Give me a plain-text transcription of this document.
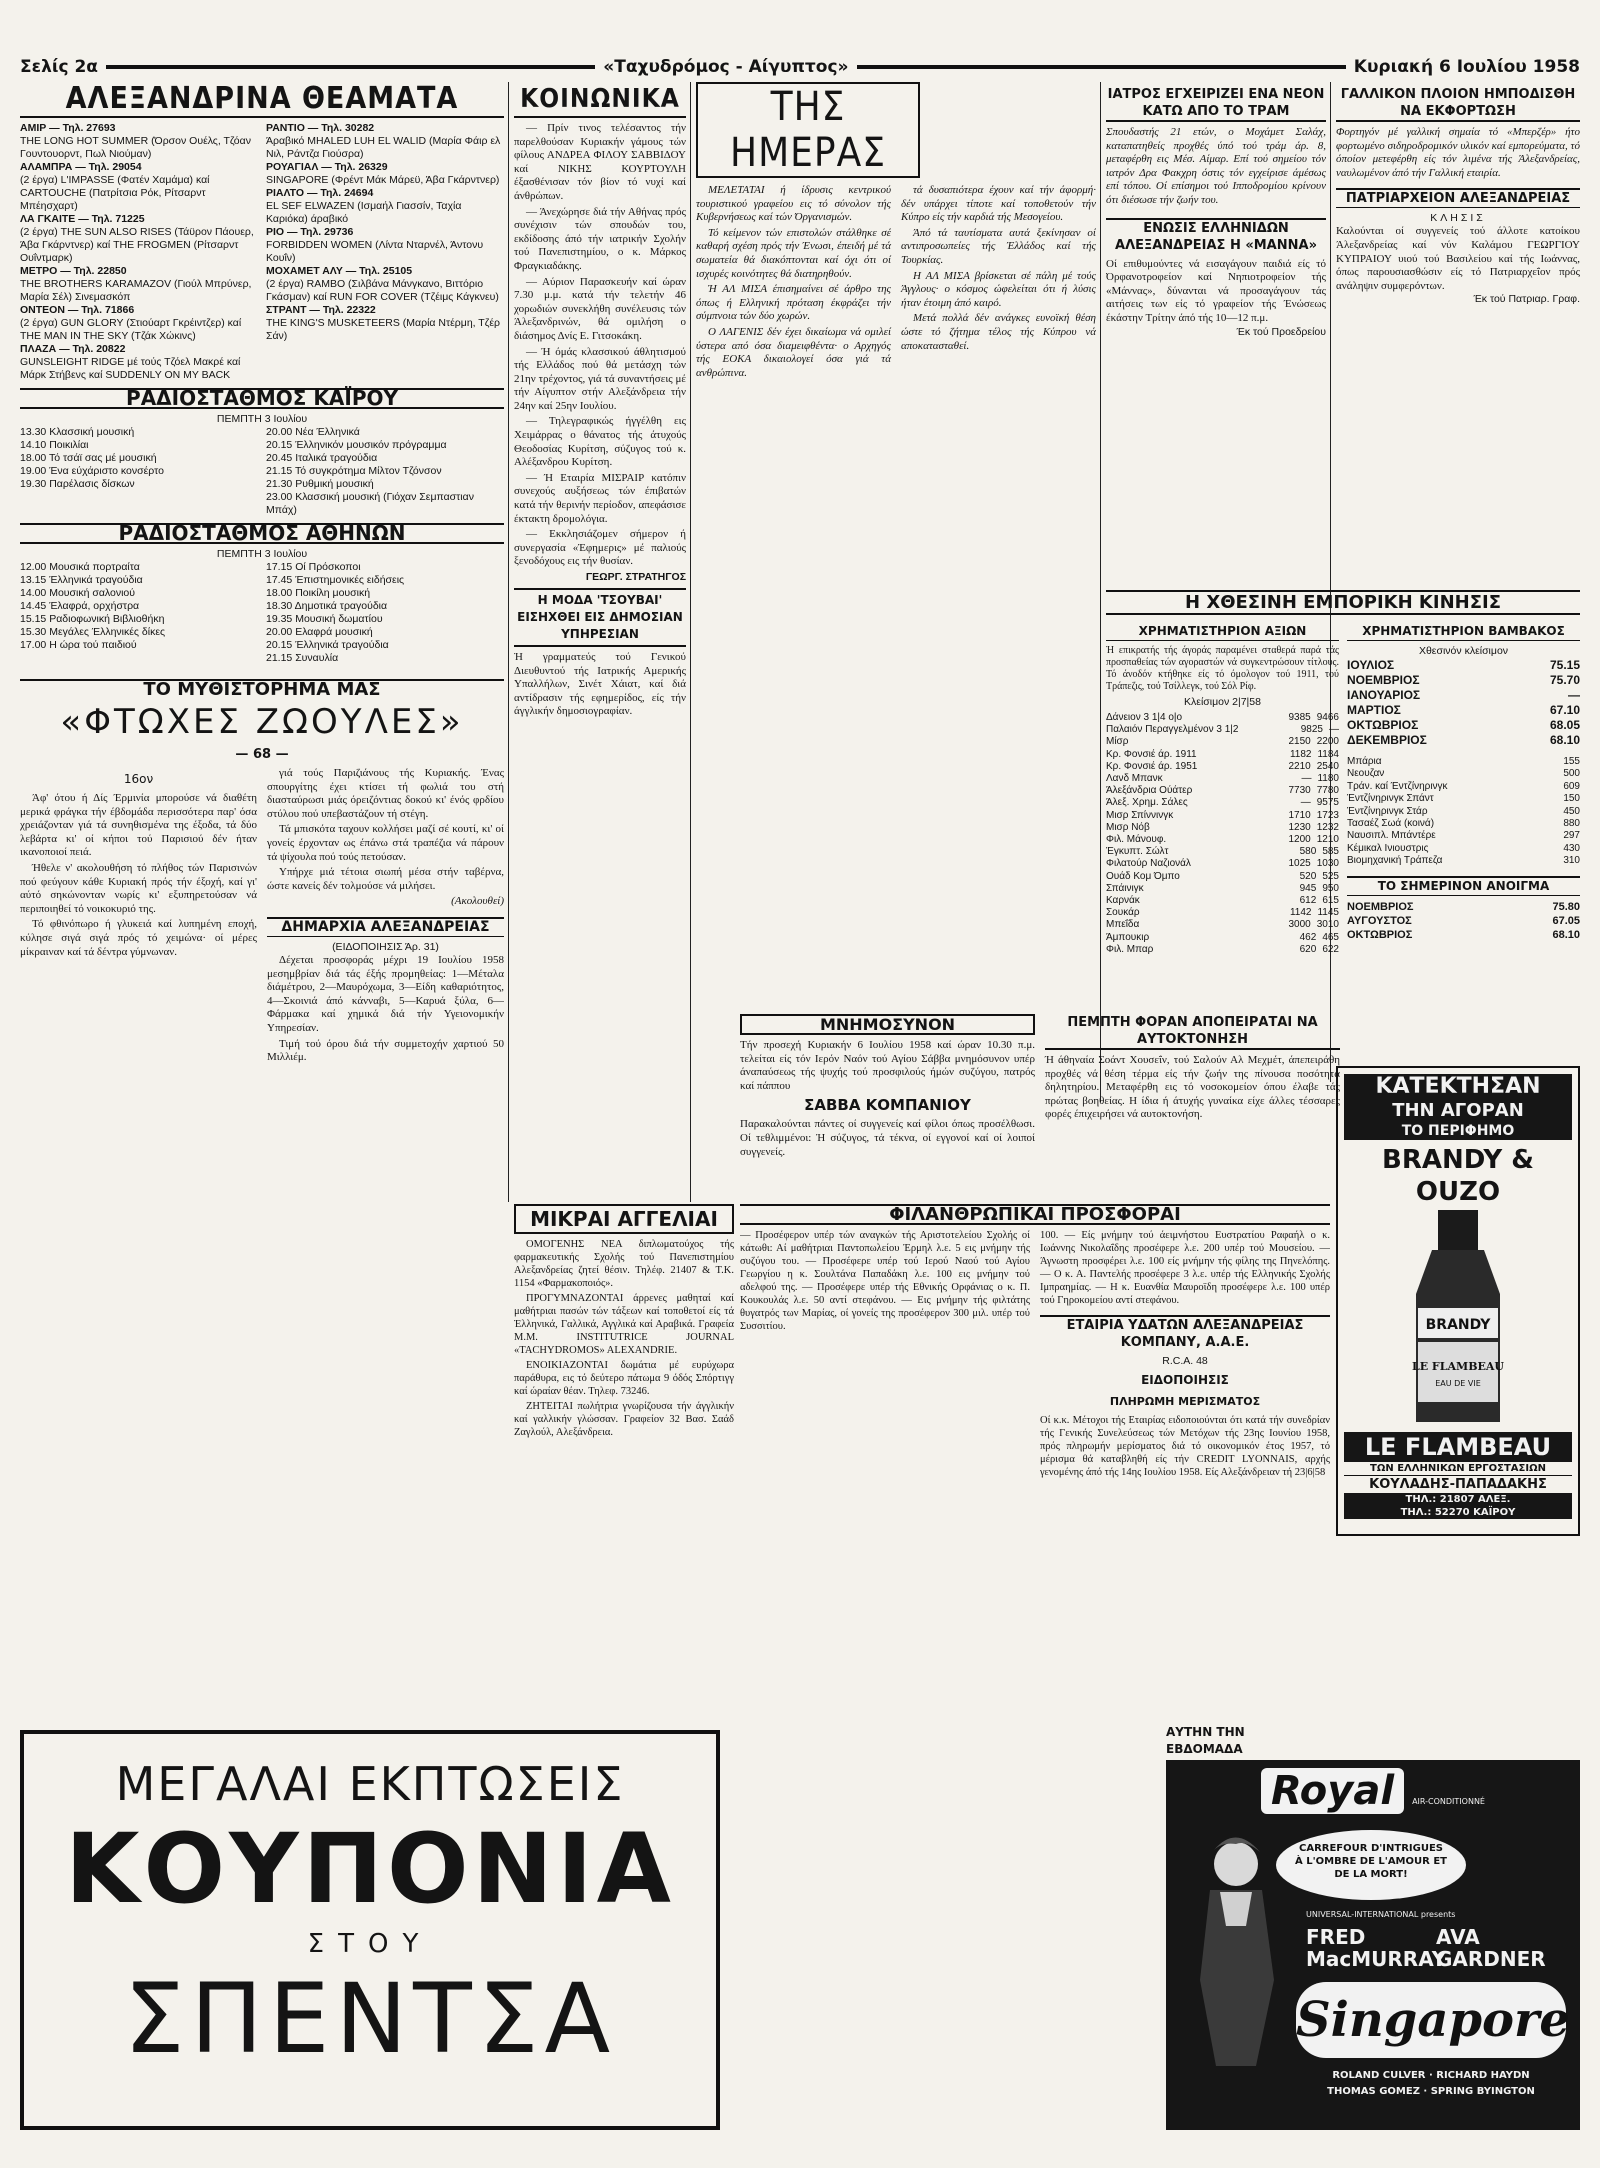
Σελίς 2α	«Ταχυδρόμος - Αίγυπτος»	Κυριακή 6 Ιουλίου 1958
ΑΛΕΞΑΝΔΡΙΝΑ ΘΕΑΜΑΤΑ
ΑΜΙΡ — Τηλ. 27693
THE LONG HOT SUMMER (Όρσον Ουέλς, Τζόαν Γουντουορντ, Πωλ Νιούμαν)
ΑΛΑΜΠΡΑ — Τηλ. 29054
(2 έργα) L'IMPASSE (Φατέν Χαμάμα) καί CARTOUCHE (Πατρίτσια Ρόκ, Ρίτσαρντ Μπέησχαρτ)
ΛΑ ΓΚΑΙΤΕ — Τηλ. 71225
(2 έργα) THE SUN ALSO RISES (Τάϋρον Πάουερ, Άβα Γκάρντνερ) καί THE FROGMEN (Ρίτσαρντ Ουΐντμαρκ)
ΜΕΤΡΟ — Τηλ. 22850
THE BROTHERS KARAMAZOV (Γιούλ Μπρύνερ, Μαρία Σέλ) Σινεμασκόπ
ΟΝΤΕΟΝ — Τηλ. 71866
(2 έργα) GUN GLORY (Στιούαρτ Γκρέιντζερ) καί THE MAN IN THE SKY (Τζάκ Χώκινς)
ΠΛΑΖΑ — Τηλ. 20822
GUNSLEIGHT RIDGE μέ τούς Τζόελ Μακρέ καί Μάρκ Στήβενς καί SUDDENLY ON MY BACK
ΡΑΝΤΙΟ — Τηλ. 30282
Άραβικό ΜΗΑLED LUH EL WALID (Μαρία Φάιρ ελ Νιλ, Ράντζα Γιούσρα)
ΡΟΥΑΓΙΑΛ — Τηλ. 26329
SINGAPORE (Φρέντ Μάκ Μάρεϋ, Άβα Γκάρντνερ)
ΡΙΑΛΤΟ — Τηλ. 24694
EL SEF ELWAZEN (Ισμαήλ Γιασσίν, Ταχία Καριόκα) άραβικό
ΡΙΟ — Τηλ. 29736
FORBIDDEN WOMEN (Λίντα Νταρνέλ, Άντονυ Κουΐν)
ΜΟΧΑΜΕΤ ΑΛΥ — Τηλ. 25105
(2 έργα) RAMBO (Σιλβάνα Μάνγκανο, Βιττόριο Γκάσμαν) καί RUN FOR COVER (Τζέιμς Κάγκνευ)
ΣΤΡΑΝΤ — Τηλ. 22322
THE KING'S MUSKETEERS (Μαρία Ντέρμη, Τζέρ Σάν)
ΡΑΔΙΟΣΤΑΘΜΟΣ ΚΑΪΡΟΥ
ΠΕΜΠΤΗ 3 Ιουλίου
13.30 Κλασσική μουσική
14.10 Ποικιλίαι
18.00 Τό τσάϊ σας μέ μουσική
19.00 Ένα εύχάριστο κονσέρτο
19.30 Παρέλασις δίσκων
20.00 Νέα Έλληνικά
20.15 Έλληνικόν μουσικόν πρόγραμμα
20.45 Ιταλικά τραγούδια
21.15 Τό συγκρότημα Μίλτον Τζόνσον
21.30 Ρυθμική μουσική
23.00 Κλασσική μουσική (Γιόχαν Σεμπαστιαν Μπάχ)
ΡΑΔΙΟΣΤΑΘΜΟΣ ΑΘΗΝΩΝ
ΠΕΜΠΤΗ 3 Ιουλίου
12.00 Μουσικά πορτραίτα
13.15 Έλληνικά τραγούδια
14.00 Μουσική σαλονιού
14.45 Έλαφρά, ορχήστρα
15.15 Ραδιοφωνική Βιβλιοθήκη
15.30 Μεγάλες Έλληνικές δίκες
17.00 Η ώρα τού παιδιού
17.15 Οί Πρόσκοποι
17.45 Έπιστημονικές ειδήσεις
18.00 Ποικίλη μουσική
18.30 Δημοτικά τραγούδια
19.35 Μουσική δωματίου
20.00 Ελαφρά μουσική
20.15 Έλληνικά τραγούδια
21.15 Συναυλία
ΤΟ ΜΥΘΙΣΤΟΡΗΜΑ ΜΑΣ
«ΦΤΩΧΕΣ ΖΩΟΥΛΕΣ»
— 68 —
16ον

Άφ' ότου ή Δίς Έρμινία μπορούσε νά διαθέτη μερικά φράγκα τήν έβδομάδα περισσότερα παρ' όσα χρειάζονταν γιά τά συνηθισμένα της έξοδα, τά δύο λεβάρτα κι' οί κήποι τού Παρισιού δέν ήταν ικανοποιοί πειά.

Ήθελε ν' ακολουθήση τό πλήθος τών Παρισινών πού φεύγουν κάθε Κυριακή πρός τήν έξοχή, καί γι' αύτό σηκώνονταν νωρίς κι' εξυπηρετούσαν νά περιποιηθεί τό νοικοκυριό της.

Τό φθινόπωρο ή γλυκειά καί λυπημένη εποχή, κύλησε σιγά σιγά πρός τό χειμώνα· οί μέρες μίκραιναν καί τά δέντρα γύμνωναν.

γιά τούς Παριζιάνους τής Κυριακής. Ένας σπουργίτης έχει κτίσει τή φωλιά του στή διασταύρωσι μιάς όρειζόντιας δοκού κι' ένός φρδίου στύλου πού υπεβαστάζουν τή στέγη.

Τά μπισκότα ταχουν κολλήσει μαζί σέ κουτί, κι' οί γονείς έρχονταν ως έπάνω στά τραπέζια νά πάρουν τά ψίχουλα πού τούς πετούσαν.

Υπήρχε μιά τέτοια σιωπή μέσα στήν ταβέρνα, ώστε κανείς δέν τολμούσε νά μιλήσει.

(Ακολουθεί)
ΔΗΜΑΡΧΙΑ ΑΛΕΞΑΝΔΡΕΙΑΣ
(ΕΙΔΟΠΟΙΗΣΙΣ Άρ. 31)

Δέχεται προσφοράς μέχρι 19 Ιουλίου 1958 μεσημβρίαν διά τάς έξής προμηθείας: 1—Μέταλα διάμέτρου, 2—Μαυρόχωμα, 3—Είδη καθαριότητος, 4—Σκοινιά άπό κάνναβι, 5—Καρυά ξύλα, 6—Φάρμακα καί χημικά διά τήν Υγειονομικήν Υπηρεσίαν.

Τιμή τού όρου διά τήν συμμετοχήν χαρτιού 50 Μιλλιέμ.

ΚΟΙΝΩΝΙΚΑ

— Πρίν τινος τελέσαντος τήν παρελθούσαν Κυριακήν γάμους τών φίλους ΑΝΔΡΕΑ ΦΙΛΟΥ ΣΑΒΒΙΔΟΥ καί ΝΙΚΗΣ ΚΟΥΡΤΟΥΛΗ έξασθένισαν τόν βίον τό νυχί καί άνθρώπων.

— Άνεχώρησε διά τήν Αθήνας πρός συνέχισιν τών σπουδών του, εκδίδοσης άπό τήν ιατρικήν Σχολήν τού Πανεπιστημίου, ο κ. Μάρκος Φραγκιαδάκης.

— Αύριον Παρασκευήν καί ώραν 7.30 μ.μ. κατά τήν τελετήν 46 χορωδιών συνεκλήθη συνέλευσις τών Άλεξανδρινών, θά ομιλήση ο διάσημος Δνίς Ε. Γιτσοκάκη.

— Ή όμάς κλασσικού άθλητισμού τής Ελλάδος πού θά μετάσχη τών 21ην τρέχοντος, γιά τά συναντήσεις μέ τήν Αίγυπτον στήν Αλεξάνδρεια τήν 24ην καί 25ην Ιουλίου.

— Τηλεγραφικώς ήγγέλθη εις Χειμάρρας ο θάνατος τής άτυχούς Θεοδοσίας Κυρίτση, σύζυγος τού κ. Αλέξανδρου Κυρίτση.

— Ή Εταιρία ΜΙΣΡΑΙΡ κατόπιν συνεχούς αυξήσεως τών έπιβατών κατά τήν θερινήν περίοδον, απεφάσισε έκτακτη δρομολόγια.

— Εκκλησιάζομεν σήμερον ή συνεργασία «Έφημερις» μέ παλιούς ξενοδόχους εις τήν θυσίαν.

ΓΕΩΡΓ. ΣΤΡΑΤΗΓΟΣ
Η ΜΟΔΑ 'ΤΣΟΥΒΑΙ' ΕΙΣΗΧΘΕΙ ΕΙΣ ΔΗΜΟΣΙΑΝ ΥΠΗΡΕΣΙΑΝ
Ή γραμματεύς τού Γενικού Διευθυντού τής Ιατρικής Αμερικής Υπαλλήλων, Σινέτ Χάιατ, καί διά αντίδρασιν τής εφημερίδος, είς τήν άγγλικήν δημοσιογραφίαν.
ΤΗΣ ΗΜΕΡΑΣ

ΜΕΛΕΤΑΤΑΙ ή ίδρυσις κεντρικού τουριστικού γραφείου εις τό σύνολον τής Κυβερνήσεως καί τών Όργανισμών.

Τό κείμενον τών επιστολών στάλθηκε σέ καθαρή σχέση πρός τήν Ένωσι, έπειδή μέ τά σωματεία θά διακόπτονται καί όχι ότι οί ισχυρές κοινότητες θά διατηρηθούν.

Ή ΑΛ ΜΙΣΑ έπισημαίνει σέ άρθρο της όπως ή Ελληνική πρόταση έκφράζει τήν σύμπνοια τών δύο χωρών.

Ο ΛΑΓΕΝΙΣ δέν έχει δικαίωμα νά ομιλεί ύστερα από όσα διαμειφθέντα· ο Αρχηγός τής ΕΟΚΑ δικαιολογεί όσα γιά τά ανθρώπινα.

τά δυσαπιότερα έχουν καί τήν άφορμή· δέν υπάρχει τίποτε καί τοποθετούν τήν Κύπρο είς τήν καρδιά τής Μεσογείου.

Άπό τά ταυτίσματα αυτά ξεκίνησαν οί αντιπροσωπείες τής Έλλάδος καί τής Τουρκίας.

Η ΑΛ ΜΙΣΑ βρίσκεται σέ πάλη μέ τούς Άγγλους· ο κόσμος ώφελείται ότι ή λύσις ήταν έτοιμη άπό καιρό.

Μετά πολλά δέν ανάγκες ευνοϊκή θέση ώστε τό ζήτημα τέλος τής Κύπρου νά αποκατασταθεί.

ΙΑΤΡΟΣ ΕΓΧΕΙΡΙΖΕΙ ΕΝΑ ΝΕΟΝ ΚΑΤΩ ΑΠΟ ΤΟ ΤΡΑΜ
Σπουδαστής 21 ετών, ο Μοχάμετ Σαλάχ, καταπατηθείς προχθές ύπό τού τράμ άρ. 8, μεταφέρθη εις Μέσ. Αίμαρ. Επί τού σημείου τόν ιατρόν Δρα Φακχρη όστις τόν εγχείρισε άμέσως επί τόπου. Οί επίσημοι τού Ιπποδρομίου κρίνουν ότι διέσωσε τήν ζωήν του.
ΕΝΩΣΙΣ ΕΛΛΗΝΙΔΩΝ ΑΛΕΞΑΝΔΡΕΙΑΣ Η «ΜΑΝΝΑ»
Οί επιθυμούντες νά εισαγάγουν παιδιά είς τό Όρφανοτροφείον καί Νηπιοτροφείον τής «Μάννας», δύνανται νά προσαγάγουν τάς αιτήσεις των είς τό γραφείον τής Ένώσεως έκάστην Τρίτην άπό τής 10—12 π.μ.
Έκ τού Προεδρείου
ΓΑΛΛΙΚΟΝ ΠΛΟΙΟΝ ΗΜΠΟΔΙΣΘΗ ΝΑ ΕΚΦΟΡΤΩΣΗ
Φορτηγόν μέ γαλλική σημαία τό «Μπερζέρ» ήτο φορτωμένο σιδηροδρομικόν υλικόν καί εμπορεύματα, τό όποίον μετεφέρθη είς τόν λιμένα τής Άλεξανδρείας, ναυλωμένον άπό τήν Γαλλική εταιρία.
ΠΑΤΡΙΑΡΧΕΙΟΝ ΑΛΕΞΑΝΔΡΕΙΑΣ
ΚΛΗΣΙΣ
Καλούνται οί συγγενείς τού άλλοτε κατοίκου Άλεξανδρείας καί νύν Καλάμου ΓΕΩΡΓΙΟΥ ΚΥΠΡΑΙΟΥ υιού τού Βασιλείου καί τής Ιωάννας, όπως παρουσιασθώσιν είς τό Πατριαρχεΐον πρός ανάληψιν συμφερόντων.
Έκ τού Πατριαρ. Γραφ.
Η ΧΘΕΣΙΝΗ ΕΜΠΟΡΙΚΗ ΚΙΝΗΣΙΣ
ΧΡΗΜΑΤΙΣΤΗΡΙΟΝ ΑΞΙΩΝ
Ή επικρατής τής άγοράς παραμένει σταθερά παρά τάς προσπαθείας τών αγοραστών νά συγκεντρώσουν τίτλους. Τό άνοδόν κτήθηκε είς τό όμολογον τού 1911, τού Τράπεζις, τού Τσίλλεγκ, τού Σόλ Ρίφ.
Κλείσιμον 2|7|58
Δάνειον 3 1|4 ο|ο	9385 9466
Παλαιόν Περαγγελμένον 3 1|2	9825 —
Μίσρ	2150 2200
Κρ. Φονσιέ άρ. 1911	1182 1184
Κρ. Φονσιέ άρ. 1951	2210 2540
Λανδ Μπανκ	— 1180
Άλεξάνδρια Ούάτερ	7730 7780
Άλεξ. Χρημ. Σάλες	— 9575
Μισρ Σπίννινγκ	1710 1723
Μισρ Νόβ	1230 1232
Φιλ. Μάνουφ.	1200 1210
Έγκυπτ. Σώλτ	580 585
Φιλατούρ Ναζιονάλ	1025 1030
Ουάδ Κομ Όμπο	520 525
Σπάινιγκ	945 950
Καρνάκ	612 615
Σουκάρ	1142 1145
Μπεΐδα	3000 3010
Άμπουκιρ	462 465
Φιλ. Μπαρ	620 622
ΧΡΗΜΑΤΙΣΤΗΡΙΟΝ ΒΑΜΒΑΚΟΣ
Χθεσινόν κλείσιμον
ΙΟΥΛΙΟΣ	75.15
ΝΟΕΜΒΡΙΟΣ	75.70
ΙΑΝΟΥΑΡΙΟΣ	—
ΜΑΡΤΙΟΣ	67.10
ΟΚΤΩΒΡΙΟΣ	68.05
ΔΕΚΕΜΒΡΙΟΣ	68.10
Μπάρια	155
Νεουζαν	500
Τράν. καί Έντζίνηρινγκ	609
Έντζίνηρινγκ Σπάντ	150
Έντζίνηρινγκ Στάρ	450
Τασαέζ Σωά (κοινά)	880
Ναυσιπλ. Μπάντέρε	297
Κέμικαλ Ινιουστρις	430
Βιομηχανική Τράπεζα	310
ΤΟ ΣΗΜΕΡΙΝΟΝ ΑΝΟΙΓΜΑ
ΝΟΕΜΒΡΙΟΣ	75.80
ΑΥΓΟΥΣΤΟΣ	67.05
ΟΚΤΩΒΡΙΟΣ	68.10
ΚΑΤΕΚΤΗΣΑΝ
ΤΗΝ ΑΓΟΡΑΝ
ΤΟ ΠΕΡΙΦΗΜΟ
BRANDY & OUZO
BRANDY
LE FLAMBEAU
EAU DE VIE
LE FLAMBEAU
ΤΩΝ ΕΛΛΗΝΙΚΩΝ ΕΡΓΟΣΤΑΣΙΩΝ
ΚΟΥΛΑΔΗΣ-ΠΑΠΑΔΑΚΗΣ
ΤΗΛ.: 21807 ΑΛΕΞ.
ΤΗΛ.: 52270 ΚΑΪΡΟΥ
ΜΝΗΜΟΣΥΝΟΝ
Τήν προσεχή Κυριακήν 6 Ιουλίου 1958 καί ώραν 10.30 π.μ. τελείται είς τόν Ιερόν Ναόν τού Αγίου Σάββα μνημόσυνον υπέρ άναπαύσεως τής ψυχής τού προσφιλούς ήμών συζύγου, πατρός καί πάππου
ΣΑΒΒΑ ΚΟΜΠΑΝΙΟΥ
Παρακαλούνται πάντες οί συγγενείς καί φίλοι όπως προσέλθωσι. Οί τεθλιμμένοι: Ή σύζυγος, τά τέκνα, οί εγγονοί καί οί λοιποί συγγενείς.
ΠΕΜΠΤΗ ΦΟΡΑΝ ΑΠΟΠΕΙΡΑΤΑΙ ΝΑ ΑΥΤΟΚΤΟΝΗΣΗ
Ή άθηναία Σοάντ Χουσεΐν, τού Σαλούν Αλ Μεχμέτ, άπεπειράθη προχθές νά θέση τέρμα είς τήν ζωήν της πίνουσα ποσότητα δηλητηρίου. Μεταφέρθη εις τό νοσοκομείον όπου έλαβε τάς πρώτας βοηθείας. Η ίδια ή άτυχής γυναίκα είχε άλλες τέσσαρες φορές έπιχειρήσει νά αυτοκτονήση.
ΜΙΚΡΑΙ ΑΓΓΕΛΙΑΙ

ΟΜΟΓΕΝΗΣ ΝΕΑ διπλωματούχος τής φαρμακευτικής Σχολής τού Πανεπιστημίου Αλεξανδρείας ζητεί θέσιν. Τηλέφ. 21407 & Τ.Κ. 1154 «Φαρμακοποιός».

ΠΡΟΓΥΜΝΑΖΟΝΤΑΙ άρρενες μαθηταί καί μαθήτριαι πασών τών τάξεων καί τοποθετοί είς τά Έλληνικά, Γαλλικά, Αγγλικά καί Αραβικά. Γραφεία Μ.Μ. INSTITUTRICE JOURNAL «TACHYDROMOS» ALEXANDRIE.

ΕΝΟΙΚΙΑΖΟΝΤΑΙ δωμάτια μέ ευρύχωρα παράθυρα, εις τό δεύτερο πάτωμα 9 όδός Σπόρτιγγ καί ώραίαν θέαν. Τηλεφ. 73246.

ΖΗΤΕΙΤΑΙ πωλήτρια γνωρίζουσα τήν άγγλικήν καί γαλλικήν γλώσσαν. Γραφείον 32 Βασ. Σαάδ Ζαγλούλ, Αλεξάνδρεια.

ΦΙΛΑΝΘΡΩΠΙΚΑΙ ΠΡΟΣΦΟΡΑΙ
— Προσέφερον υπέρ τών αναγκών τής Αριστοτελείου Σχολής οί κάτωθι: Αί μαθήτριαι Παντοπωλείου Έρμηλ λ.ε. 5 εις μνήμην τής συζύγου του. — Προσέφερε υπέρ τού Ιερού Ναού τού Αγίου Γεωργίου η κ. Σουλτάνα Παπαδάκη λ.ε. 100 εις μνήμην τού αδελφού της. — Προσέφερε υπέρ τής Εθνικής Ορφάνιας ο κ. Π. Κουκουλάς λ.ε. 50 αντί στεφάνου. — Εις μνήμην τής φιλτάτης θυγατρός των Μαρίας, οί γονείς της προσέφερον 300 μιλ. υπέρ τού Συσσιτίου.
100. — Είς μνήμην τού άειμνήστου Ευστρατίου Ραφαήλ ο κ. Ιωάννης Νικολαΐδης προσέφερε λ.ε. 200 υπέρ τού Μουσείου. — Άγνωστη προσφέρει λ.ε. 100 είς μνήμην τής φίλης της Πηνελόπης. — Ο κ. Α. Παντελής προσέφερε 3 λ.ε. υπέρ τής Ελληνικής Σχολής Ιμπραημίας. — Η κ. Ευανθία Μαυροϊδη προσέφερε λ.ε. 100 υπέρ τού Γηροκομείου αντί στεφάνου.
ΕΤΑΙΡΙΑ ΥΔΑΤΩΝ ΑΛΕΞΑΝΔΡΕΙΑΣ ΚΟΜΠΑΝΥ, Α.Α.Ε.
R.C.A. 48
ΕΙΔΟΠΟΙΗΣΙΣ
ΠΛΗΡΩΜΗ ΜΕΡΙΣΜΑΤΟΣ
Οί κ.κ. Μέτοχοι τής Εταιρίας ειδοποιούνται ότι κατά τήν συνεδρίαν τής Γενικής Συνελεύσεως τών Μετόχων τής 23ης Ιουνίου 1958, πρός πληρωμήν μερίσματος διά τό οικονομικόν έτος 1957, τό μέρισμα θά καταβληθή είς τήν CREDIT LYONNAIS, αρχής γενομένης άπό τής 14ης Ιουλίου 1958. Είς Αλεξάνδρειαν τή 23|6|58
ΜΕΓΑΛΑΙ ΕΚΠΤΩΣΕΙΣ
ΚΟΥΠΟΝΙΑ
ΣΤΟΥ
ΣΠΕΝΤΣΑ
ΑΥΤΗΝ ΤΗΝ ΕΒΔΟΜΑΔΑ
Royal	AIR-CONDITIONNÉ
CARREFOUR D'INTRIGUES À L'OMBRE DE L'AMOUR ET DE LA MORT!
UNIVERSAL-INTERNATIONAL presents
FRED MacMURRAY
AVA GARDNER
Singapore
ROLAND CULVER · RICHARD HAYDN
THOMAS GOMEZ · SPRING BYINGTON
